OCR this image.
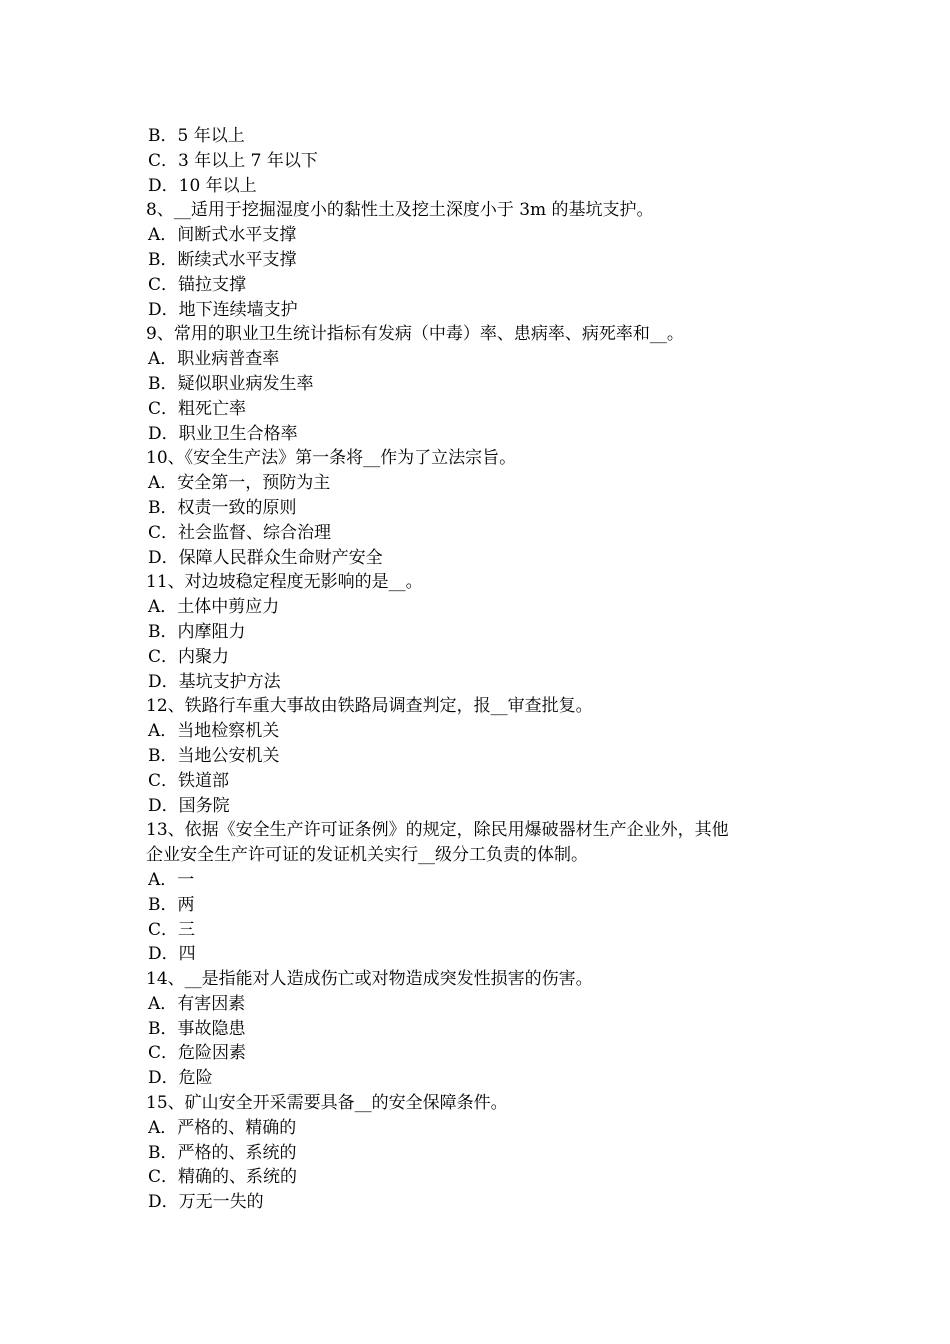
B．5 年以上
C．3 年以上 7 年以下
D．10 年以上
8、__适用于挖掘湿度小的黏性土及挖土深度小于 3m 的基坑支护。
A．间断式水平支撑
B．断续式水平支撑
C．锚拉支撑
D．地下连续墙支护
9、常用的职业卫生统计指标有发病（中毒）率、患病率、病死率和__。
A．职业病普查率
B．疑似职业病发生率
C．粗死亡率
D．职业卫生合格率
10、《安全生产法》第一条将__作为了立法宗旨。
A．安全第一，预防为主
B．权责一致的原则
C．社会监督、综合治理
D．保障人民群众生命财产安全
11、对边坡稳定程度无影响的是__。
A．土体中剪应力
B．内摩阻力
C．内聚力
D．基坑支护方法
12、铁路行车重大事故由铁路局调查判定，报__审查批复。
A．当地检察机关
B．当地公安机关
C．铁道部
D．国务院
13、依据《安全生产许可证条例》的规定，除民用爆破器材生产企业外，其他
企业安全生产许可证的发证机关实行__级分工负责的体制。
A．一
B．两
C．三
D．四
14、__是指能对人造成伤亡或对物造成突发性损害的伤害。
A．有害因素
B．事故隐患
C．危险因素
D．危险
15、矿山安全开采需要具备__的安全保障条件。
A．严格的、精确的
B．严格的、系统的
C．精确的、系统的
D．万无一失的
